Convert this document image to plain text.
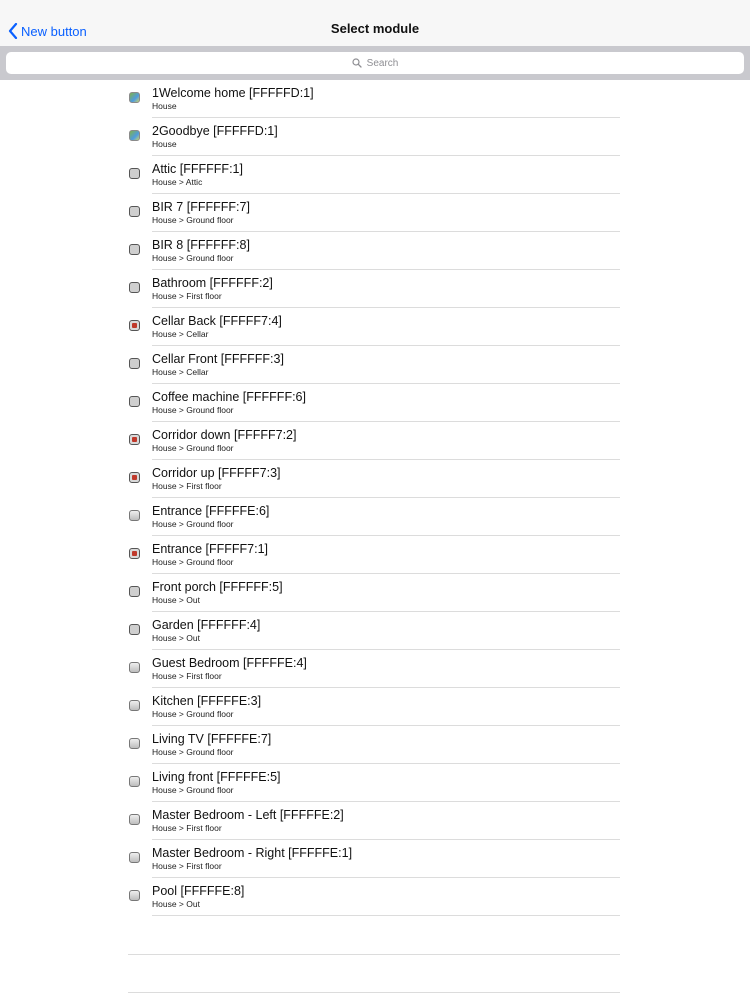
New button	Select module
Search
1Welcome home [FFFFFD:1]
House
2Goodbye [FFFFFD:1]
House
Attic [FFFFFF:1]
House > Attic
BIR 7 [FFFFFF:7]
House > Ground floor
BIR 8 [FFFFFF:8]
House > Ground floor
Bathroom [FFFFFF:2]
House > First floor
Cellar Back [FFFFF7:4]
House > Cellar
Cellar Front [FFFFFF:3]
House > Cellar
Coffee machine [FFFFFF:6]
House > Ground floor
Corridor down [FFFFF7:2]
House > Ground floor
Corridor up [FFFFF7:3]
House > First floor
Entrance [FFFFFE:6]
House > Ground floor
Entrance [FFFFF7:1]
House > Ground floor
Front porch [FFFFFF:5]
House > Out
Garden [FFFFFF:4]
House > Out
Guest Bedroom [FFFFFE:4]
House > First floor
Kitchen [FFFFFE:3]
House > Ground floor
Living TV [FFFFFE:7]
House > Ground floor
Living front [FFFFFE:5]
House > Ground floor
Master Bedroom - Left [FFFFFE:2]
House > First floor
Master Bedroom - Right [FFFFFE:1]
House > First floor
Pool [FFFFFE:8]
House > Out
